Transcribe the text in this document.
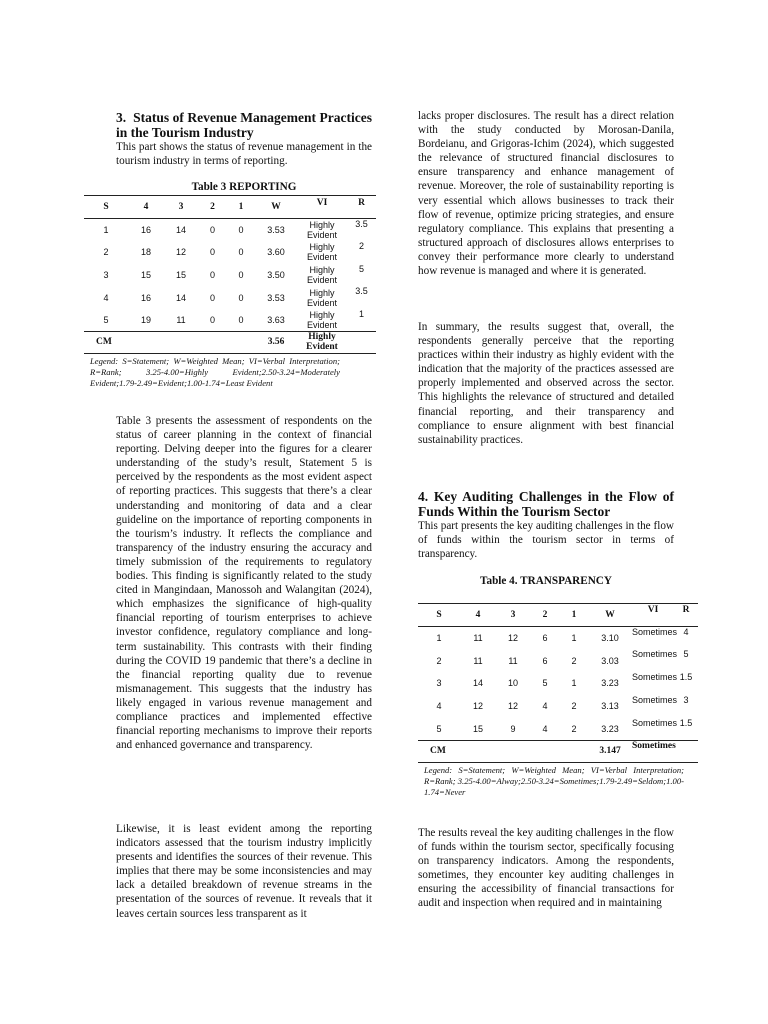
3.  Status of Revenue Management Practices in the Tourism Industry

This part shows the status of revenue management in the tourism industry in terms of reporting.

Table 3 REPORTING
S	4	3	2	1	W	VI	R
1	16	14	0	0	3.53	Highly Evident	3.5
2	18	12	0	0	3.60	Highly Evident	2
3	15	15	0	0	3.50	Highly Evident	5
4	16	14	0	0	3.53	Highly Evident	3.5
5	19	11	0	0	3.63	Highly Evident	1
CM					3.56	Highly Evident	

Legend: S=Statement; W=Weighted Mean; VI=Verbal Interpretation; R=Rank; 3.25-4.00=Highly Evident;2.50-3.24=Moderately Evident;1.79-2.49=Evident;1.00-1.74=Least Evident

Table 3 presents the assessment of respondents on the status of career planning in the context of financial reporting. Delving deeper into the figures for a clearer understanding of the study’s result, Statement 5 is perceived by the respondents as the most evident aspect of reporting practices. This suggests that there’s a clear understanding and monitoring of data and a clear guideline on the importance of reporting components in the tourism’s industry. It reflects the compliance and transparency of the industry ensuring the accuracy and timely submission of the requirements to regulatory bodies. This finding is significantly related to the study cited in Mangindaan, Manossoh and Walangitan (2024), which emphasizes the significance of high-quality financial reporting of tourism enterprises to achieve investor confidence, regulatory compliance and long-term sustainability. This contrasts with their finding during the COVID 19 pandemic that there’s a decline in the financial reporting quality due to revenue mismanagement. This suggests that the industry has likely engaged in various revenue management and compliance practices and implemented effective financial reporting mechanisms to improve their reports and enhanced governance and transparency.

Likewise, it is least evident among the reporting indicators assessed that the tourism industry implicitly presents and identifies the sources of their revenue. This implies that there may be some inconsistencies and may lack a detailed breakdown of revenue streams in the presentation of the sources of revenue. It reveals that it leaves certain sources less transparent as it

lacks proper disclosures. The result has a direct relation with the study conducted by Morosan-Danila, Bordeianu, and Grigoras-Ichim (2024), which suggested the relevance of structured financial disclosures to ensure transparency and enhance management of revenue. Moreover, the role of sustainability reporting is very essential which allows businesses to track their flow of revenue, optimize pricing strategies, and ensure regulatory compliance. This explains that presenting a structured approach of disclosures allows enterprises to convey their performance more clearly to understand how revenue is managed and where it is generated.

In summary, the results suggest that, overall, the respondents generally perceive that the reporting practices within their industry as highly evident with the indication that the majority of the practices assessed are properly implemented and observed across the sector. This highlights the relevance of structured and detailed financial reporting, and their transparency and compliance to ensure alignment with best financial sustainability practices.

4. Key Auditing Challenges in the Flow of Funds Within the Tourism Sector

This part presents the key auditing challenges in the flow of funds within the tourism sector in terms of transparency.

Table 4. TRANSPARENCY
S	4	3	2	1	W	VI	R
1	11	12	6	1	3.10	Sometimes	4
2	11	11	6	2	3.03	Sometimes	5
3	14	10	5	1	3.23	Sometimes	1.5
4	12	12	4	2	3.13	Sometimes	3
5	15	9	4	2	3.23	Sometimes	1.5
CM					3.147	Sometimes	

Legend: S=Statement; W=Weighted Mean; VI=Verbal Interpretation; R=Rank; 3.25-4.00=Alway;2.50-3.24=Sometimes;1.79-2.49=Seldom;1.00-1.74=Never

The results reveal the key auditing challenges in the flow of funds within the tourism sector, specifically focusing on transparency indicators. Among the respondents, sometimes, they encounter key auditing challenges in ensuring the accessibility of financial transactions for audit and inspection when required and in maintaining
